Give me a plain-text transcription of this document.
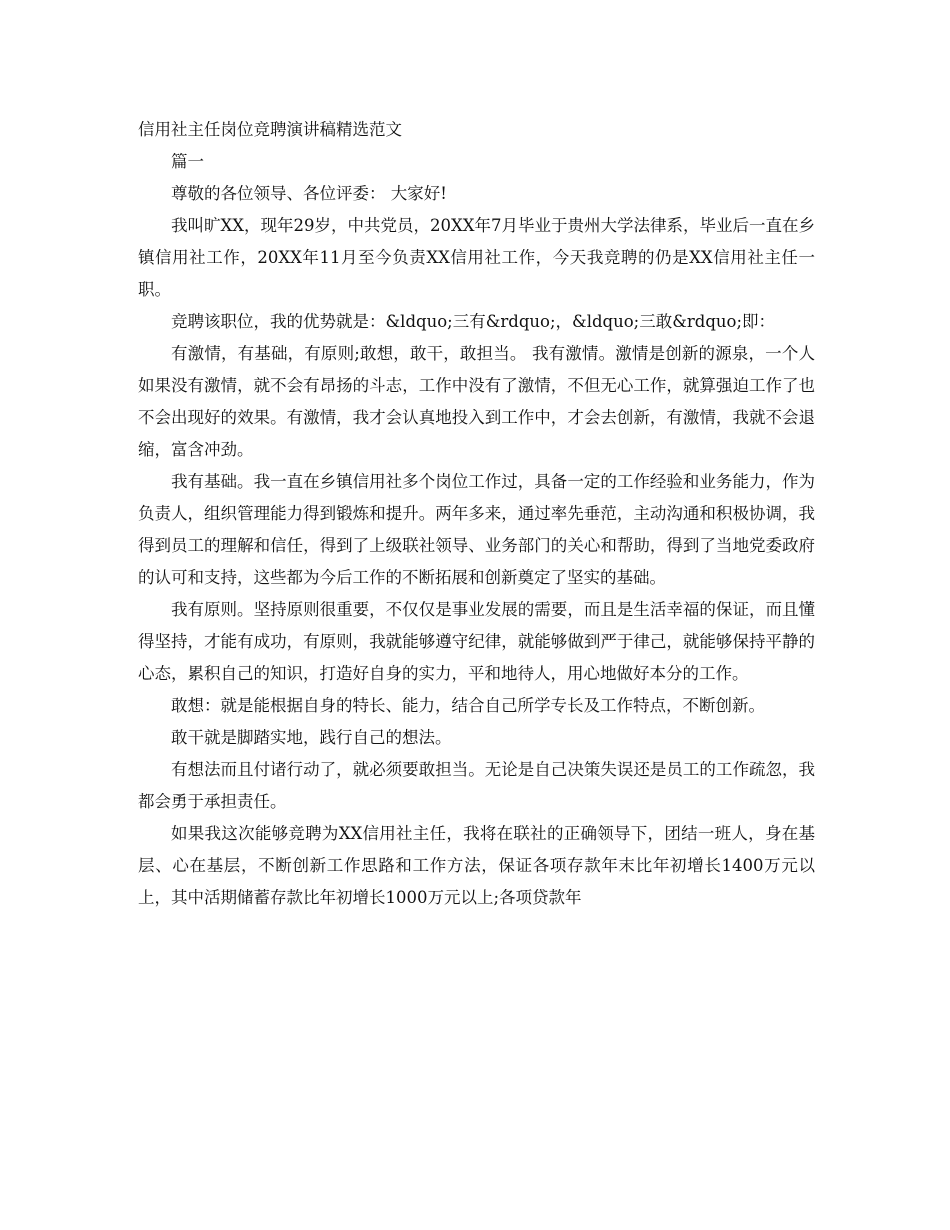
信用社主任岗位竞聘演讲稿精选范文

篇一

尊敬的各位领导、各位评委： 大家好!

我叫旷XX，现年29岁，中共党员，20XX年7月毕业于贵州大学法律系，毕业后一直在乡镇信用社工作，20XX年11月至今负责XX信用社工作，今天我竞聘的仍是XX信用社主任一职。

竞聘该职位，我的优势就是：&ldquo;三有&rdquo;，&ldquo;三敢&rdquo;即：

有激情，有基础，有原则;敢想，敢干，敢担当。 我有激情。激情是创新的源泉，一个人如果没有激情，就不会有昂扬的斗志，工作中没有了激情，不但无心工作，就算强迫工作了也不会出现好的效果。有激情，我才会认真地投入到工作中，才会去创新，有激情，我就不会退缩，富含冲劲。

我有基础。我一直在乡镇信用社多个岗位工作过，具备一定的工作经验和业务能力，作为负责人，组织管理能力得到锻炼和提升。两年多来，通过率先垂范，主动沟通和积极协调，我得到员工的理解和信任，得到了上级联社领导、业务部门的关心和帮助，得到了当地党委政府的认可和支持，这些都为今后工作的不断拓展和创新奠定了坚实的基础。

我有原则。坚持原则很重要，不仅仅是事业发展的需要，而且是生活幸福的保证，而且懂得坚持，才能有成功，有原则，我就能够遵守纪律，就能够做到严于律己，就能够保持平静的心态，累积自己的知识，打造好自身的实力，平和地待人，用心地做好本分的工作。

敢想：就是能根据自身的特长、能力，结合自己所学专长及工作特点，不断创新。

敢干就是脚踏实地，践行自己的想法。

有想法而且付诸行动了，就必须要敢担当。无论是自己决策失误还是员工的工作疏忽，我都会勇于承担责任。

如果我这次能够竞聘为XX信用社主任，我将在联社的正确领导下，团结一班人，身在基层、心在基层，不断创新工作思路和工作方法，保证各项存款年末比年初增长1400万元以上，其中活期储蓄存款比年初增长1000万元以上;各项贷款年
